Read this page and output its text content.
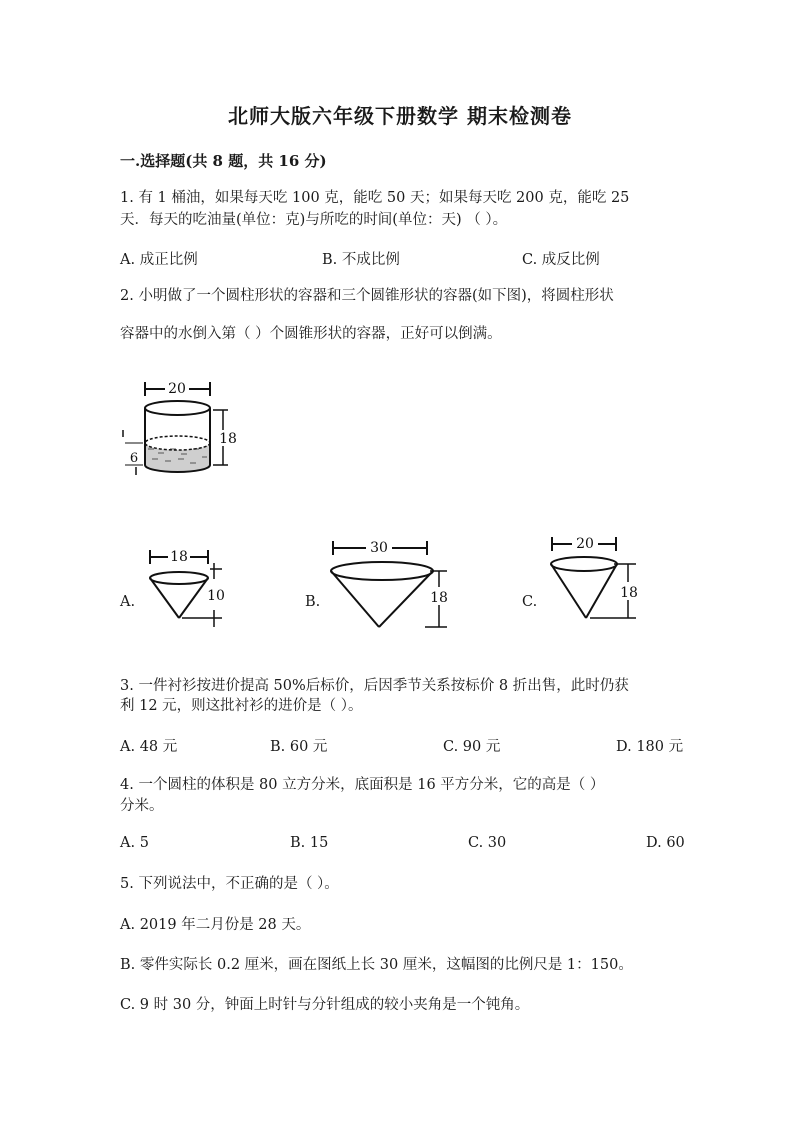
北师大版六年级下册数学 期末检测卷
一.选择题(共 8 题，共 16 分)
1. 有 1 桶油，如果每天吃 100 克，能吃 50 天；如果每天吃 200 克，能吃 25
天．每天的吃油量(单位：克)与所吃的时间(单位：天) （ ）。
A. 成正比例	B. 不成比例	C. 成反比例
2. 小明做了一个圆柱形状的容器和三个圆锥形状的容器(如下图)，将圆柱形状
容器中的水倒入第（ ）个圆锥形状的容器，正好可以倒满。
20
18
6
A.
18
10	B.
30
18	C.
20
18
3. 一件衬衫按进价提高 50%后标价，后因季节关系按标价 8 折出售，此时仍获
利 12 元，则这批衬衫的进价是（ ）。
A. 48 元	B. 60 元	C. 90 元	D. 180 元
4. 一个圆柱的体积是 80 立方分米，底面积是 16 平方分米，它的高是（ ）
分米。
A. 5	B. 15	C. 30	D. 60
5. 下列说法中，不正确的是（ ）。
A. 2019 年二月份是 28 天。
B. 零件实际长 0.2 厘米，画在图纸上长 30 厘米，这幅图的比例尺是 1：150。
C. 9 时 30 分，钟面上时针与分针组成的较小夹角是一个钝角。
